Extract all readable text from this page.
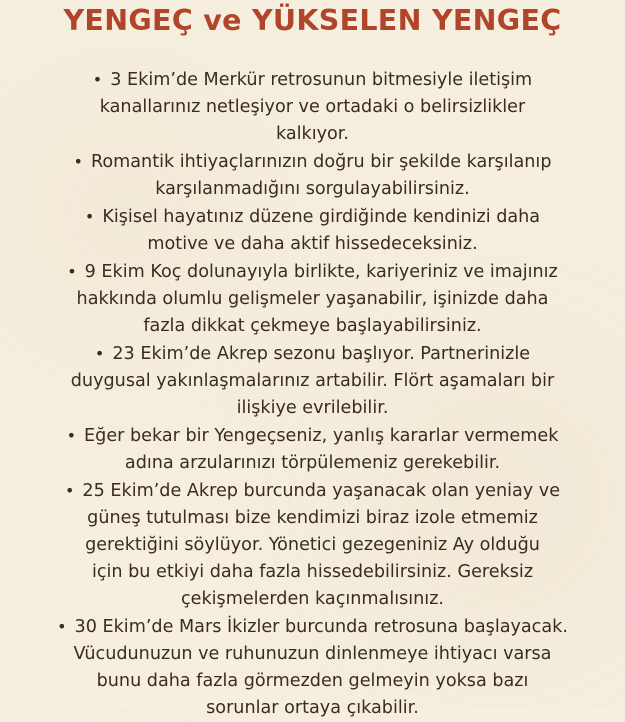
YENGEÇ ve YÜKSELEN YENGEÇ
• 3 Ekim’de Merkür retrosunun bitmesiyle iletişim
kanallarınız netleşiyor ve ortadaki o belirsizlikler
kalkıyor.
• Romantik ihtiyaçlarınızın doğru bir şekilde karşılanıp
karşılanmadığını sorgulayabilirsiniz.
• Kişisel hayatınız düzene girdiğinde kendinizi daha
motive ve daha aktif hissedeceksiniz.
• 9 Ekim Koç dolunayıyla birlikte, kariyeriniz ve imajınız
hakkında olumlu gelişmeler yaşanabilir, işinizde daha
fazla dikkat çekmeye başlayabilirsiniz.
• 23 Ekim’de Akrep sezonu başlıyor. Partnerinizle
duygusal yakınlaşmalarınız artabilir. Flört aşamaları bir
ilişkiye evrilebilir.
• Eğer bekar bir Yengeçseniz, yanlış kararlar vermemek
adına arzularınızı törpülemeniz gerekebilir.
• 25 Ekim’de Akrep burcunda yaşanacak olan yeniay ve
güneş tutulması bize kendimizi biraz izole etmemiz
gerektiğini söylüyor. Yönetici gezegeniniz Ay olduğu
için bu etkiyi daha fazla hissedebilirsiniz. Gereksiz
çekişmelerden kaçınmalısınız.
• 30 Ekim’de Mars İkizler burcunda retrosuna başlayacak.
Vücudunuzun ve ruhunuzun dinlenmeye ihtiyacı varsa
bunu daha fazla görmezden gelmeyin yoksa bazı
sorunlar ortaya çıkabilir.
